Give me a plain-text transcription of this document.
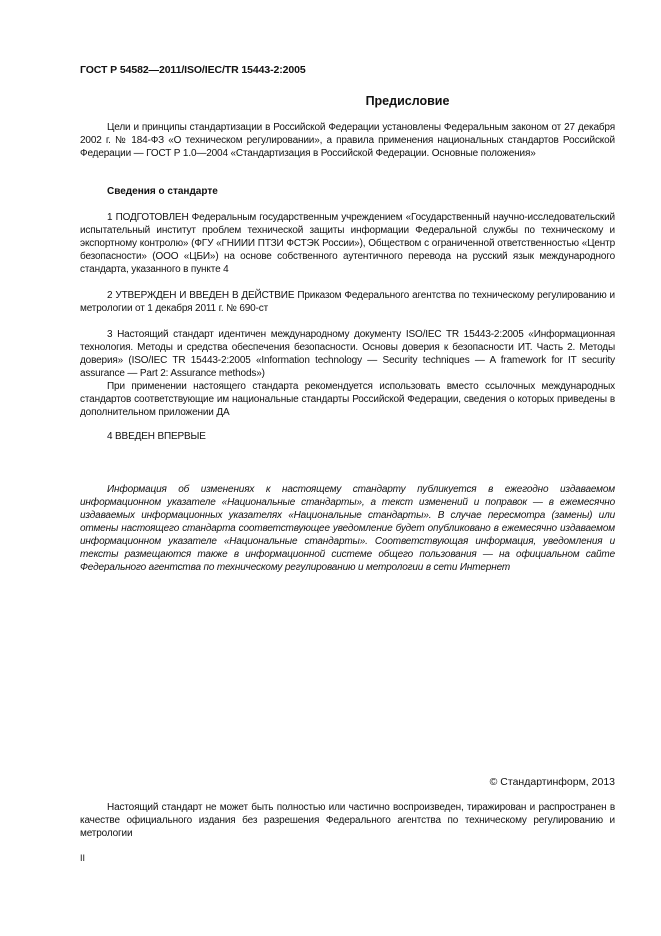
ГОСТ Р 54582—2011/ISO/IEC/TR 15443-2:2005
Предисловие

Цели и принципы стандартизации в Российской Федерации установлены Федеральным законом от 27 декабря 2002 г. № 184-ФЗ «О техническом регулировании», а правила применения национальных стандартов Российской Федерации — ГОСТ Р 1.0—2004 «Стандартизация в Российской Федерации. Основные положения»

Сведения о стандарте

1 ПОДГОТОВЛЕН Федеральным государственным учреждением «Государственный научно-исследовательский испытательный институт проблем технической защиты информации Федеральной службы по техническому и экспортному контролю» (ФГУ «ГНИИИ ПТЗИ ФСТЭК России»), Обществом с ограниченной ответственностью «Центр безопасности» (ООО «ЦБИ») на основе собственного аутентичного перевода на русский язык международного стандарта, указанного в пункте 4

2 УТВЕРЖДЕН И ВВЕДЕН В ДЕЙСТВИЕ Приказом Федерального агентства по техническому регулированию и метрологии от 1 декабря 2011 г. № 690-ст

3 Настоящий стандарт идентичен международному документу ISO/IEC TR 15443-2:2005 «Информационная технология. Методы и средства обеспечения безопасности. Основы доверия к безопасности ИТ. Часть 2. Методы доверия» (ISO/IEC TR 15443-2:2005 «Information technology — Security techniques — A framework for IT security assurance — Part 2: Assurance methods»)

При применении настоящего стандарта рекомендуется использовать вместо ссылочных международных стандартов соответствующие им национальные стандарты Российской Федерации, сведения о которых приведены в дополнительном приложении ДА

4 ВВЕДЕН ВПЕРВЫЕ

Информация об изменениях к настоящему стандарту публикуется в ежегодно издаваемом информационном указателе «Национальные стандарты», а текст изменений и поправок — в ежемесячно издаваемых информационных указателях «Национальные стандарты». В случае пересмотра (замены) или отмены настоящего стандарта соответствующее уведомление будет опубликовано в ежемесячно издаваемом информационном указателе «Национальные стандарты». Соответствующая информация, уведомления и тексты размещаются также в информационной системе общего пользования — на официальном сайте Федерального агентства по техническому регулированию и метрологии в сети Интернет

© Стандартинформ, 2013

Настоящий стандарт не может быть полностью или частично воспроизведен, тиражирован и распространен в качестве официального издания без разрешения Федерального агентства по техническому регулированию и метрологии

II
